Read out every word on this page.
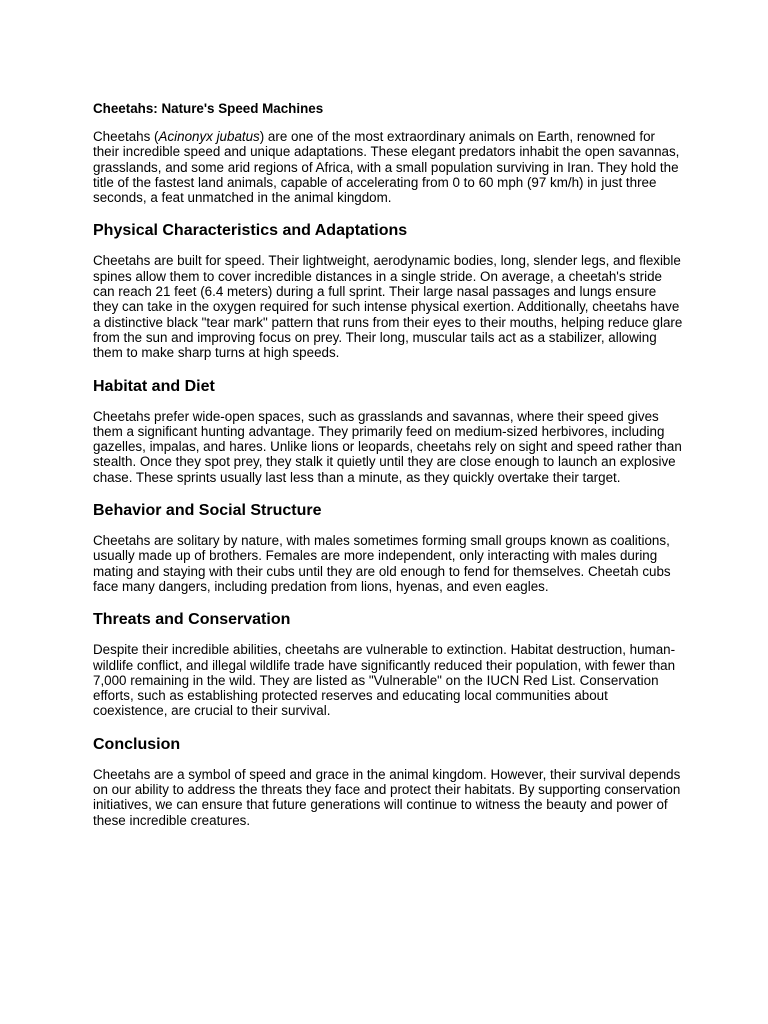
Cheetahs: Nature's Speed Machines

Cheetahs (Acinonyx jubatus) are one of the most extraordinary animals on Earth, renowned for their incredible speed and unique adaptations. These elegant predators inhabit the open savannas, grasslands, and some arid regions of Africa, with a small population surviving in Iran. They hold the title of the fastest land animals, capable of accelerating from 0 to 60 mph (97 km/h) in just three seconds, a feat unmatched in the animal kingdom.

Physical Characteristics and Adaptations

Cheetahs are built for speed. Their lightweight, aerodynamic bodies, long, slender legs, and flexible spines allow them to cover incredible distances in a single stride. On average, a cheetah's stride can reach 21 feet (6.4 meters) during a full sprint. Their large nasal passages and lungs ensure they can take in the oxygen required for such intense physical exertion. Additionally, cheetahs have a distinctive black "tear mark" pattern that runs from their eyes to their mouths, helping reduce glare from the sun and improving focus on prey. Their long, muscular tails act as a stabilizer, allowing them to make sharp turns at high speeds.

Habitat and Diet

Cheetahs prefer wide-open spaces, such as grasslands and savannas, where their speed gives them a significant hunting advantage. They primarily feed on medium-sized herbivores, including gazelles, impalas, and hares. Unlike lions or leopards, cheetahs rely on sight and speed rather than stealth. Once they spot prey, they stalk it quietly until they are close enough to launch an explosive chase. These sprints usually last less than a minute, as they quickly overtake their target.

Behavior and Social Structure

Cheetahs are solitary by nature, with males sometimes forming small groups known as coalitions, usually made up of brothers. Females are more independent, only interacting with males during mating and staying with their cubs until they are old enough to fend for themselves. Cheetah cubs face many dangers, including predation from lions, hyenas, and even eagles.

Threats and Conservation

Despite their incredible abilities, cheetahs are vulnerable to extinction. Habitat destruction, human-wildlife conflict, and illegal wildlife trade have significantly reduced their population, with fewer than 7,000 remaining in the wild. They are listed as "Vulnerable" on the IUCN Red List. Conservation efforts, such as establishing protected reserves and educating local communities about coexistence, are crucial to their survival.

Conclusion

Cheetahs are a symbol of speed and grace in the animal kingdom. However, their survival depends on our ability to address the threats they face and protect their habitats. By supporting conservation initiatives, we can ensure that future generations will continue to witness the beauty and power of these incredible creatures.
